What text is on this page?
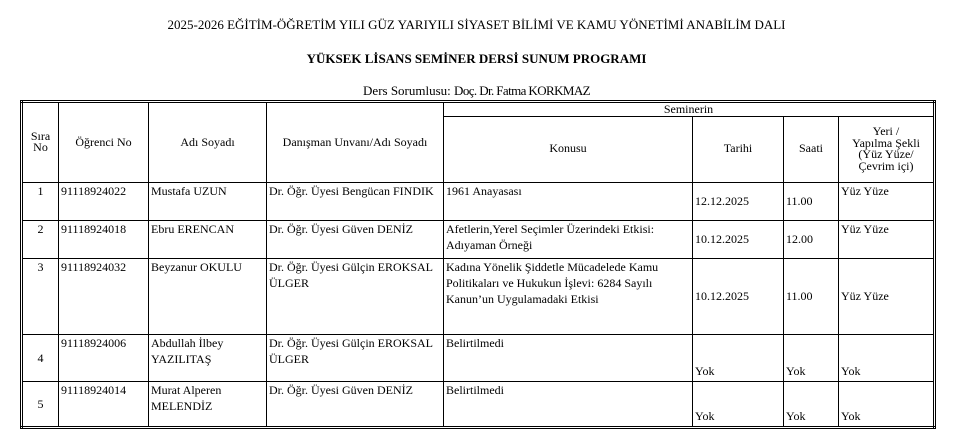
2025-2026 EĞİTİM-ÖĞRETİM YILI GÜZ YARIYILI SİYASET BİLİMİ VE KAMU YÖNETİMİ ANABİLİM DALI
YÜKSEK LİSANS SEMİNER DERSİ SUNUM PROGRAMI
Ders Sorumlusu: Doç. Dr. Fatma KORKMAZ
Sıra No	Öğrenci No	Adı Soyadı	Danışman Unvanı/Adı Soyadı	Seminerin			
				Konusu	Tarihi	Saati	Yeri /
Yapılma Şekli
(Yüz Yüze/
Çevrim içi)

1	91118924022	Mustafa UZUN	Dr. Öğr. Üyesi Bengücan FINDIK	1961 Anayasası	12.12.2025	11.00	Yüz Yüze
2	91118924018	Ebru ERENCAN	Dr. Öğr. Üyesi Güven DENİZ	Afetlerin,Yerel Seçimler Üzerindeki Etkisi: Adıyaman Örneği	10.12.2025	12.00	Yüz Yüze
3	91118924032	Beyzanur OKULU	Dr. Öğr. Üyesi Gülçin EROKSAL ÜLGER	Kadına Yönelik Şiddetle Mücadelede Kamu Politikaları ve Hukukun İşlevi: 6284 Sayılı Kanun’un Uygulamadaki Etkisi	10.12.2025	11.00	Yüz Yüze
4	91118924006	Abdullah İlbey YAZILITAŞ	Dr. Öğr. Üyesi Gülçin EROKSAL ÜLGER	Belirtilmedi	Yok	Yok	Yok
5	91118924014	Murat Alperen MELENDİZ	Dr. Öğr. Üyesi Güven DENİZ	Belirtilmedi	Yok	Yok	Yok
